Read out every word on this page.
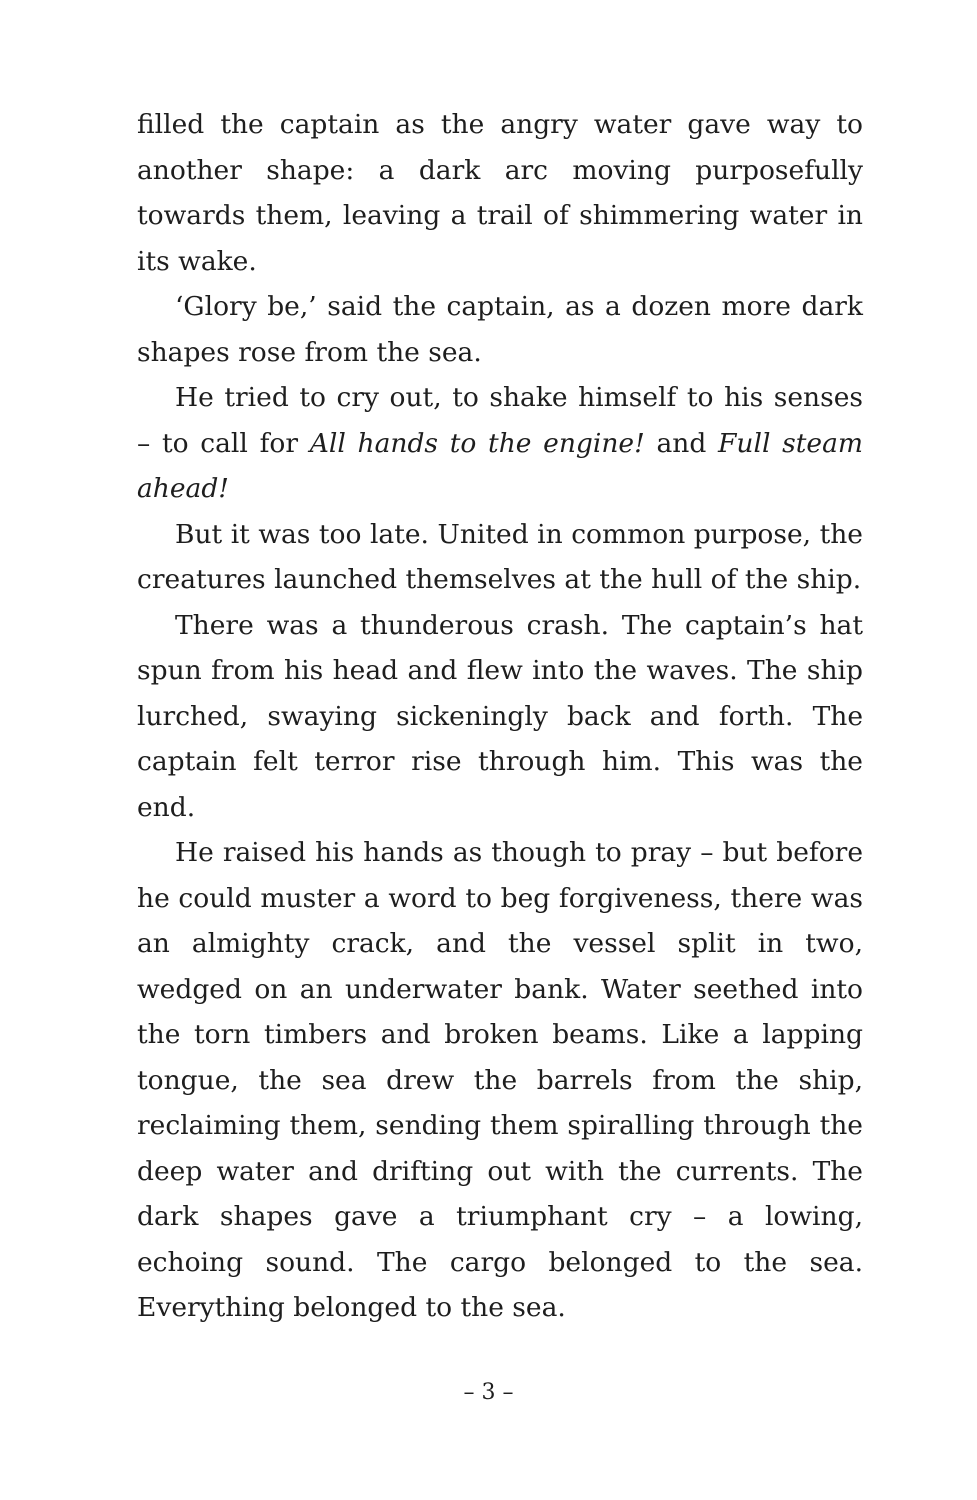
filled the captain as the angry water gave way to another shape: a dark arc moving purposefully towards them, leaving a trail of shimmering water in its wake.

‘Glory be,’ said the captain, as a dozen more dark shapes rose from the sea.

He tried to cry out, to shake himself to his senses – to call for All hands to the engine! and Full steam ahead!

But it was too late. United in common purpose, the creatures launched themselves at the hull of the ship.

There was a thunderous crash. The captain’s hat spun from his head and flew into the waves. The ship lurched, swaying sickeningly back and forth. The captain felt terror rise through him. This was the end.

He raised his hands as though to pray – but before he could muster a word to beg forgiveness, there was an almighty crack, and the vessel split in two, wedged on an underwater bank. Water seethed into the torn timbers and broken beams. Like a lapping tongue, the sea drew the barrels from the ship, reclaiming them, sending them spiralling through the deep water and drifting out with the currents. The dark shapes gave a triumphant cry – a lowing, echoing sound. The cargo belonged to the sea. Everything belonged to the sea.

– 3 –
